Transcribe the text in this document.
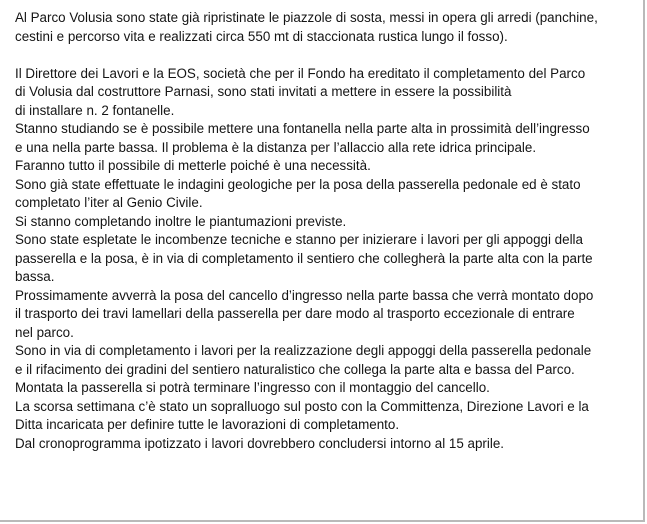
Al Parco Volusia sono state già ripristinate le piazzole di sosta, messi in opera gli arredi (panchine,
cestini e percorso vita e realizzati circa 550 mt di staccionata rustica lungo il fosso).
Il Direttore dei Lavori e la EOS, società che per il Fondo ha ereditato il completamento del Parco
di Volusia dal costruttore Parnasi, sono stati invitati a mettere in essere la possibilità
di installare n. 2 fontanelle.
Stanno studiando se è possibile mettere una fontanella nella parte alta in prossimità dell’ingresso
e una nella parte bassa. Il problema è la distanza per l’allaccio alla rete idrica principale.
Faranno tutto il possibile di metterle poiché è una necessità.
Sono già state effettuate le indagini geologiche per la posa della passerella pedonale ed è stato
completato l’iter al Genio Civile.
Si stanno completando inoltre le piantumazioni previste.
Sono state espletate le incombenze tecniche e stanno per inizierare i lavori per gli appoggi della
passerella e la posa, è in via di completamento il sentiero che collegherà la parte alta con la parte
bassa.
Prossimamente avverrà la posa del cancello d’ingresso nella parte bassa che verrà montato dopo
il trasporto dei travi lamellari della passerella per dare modo al trasporto eccezionale di entrare
nel parco.
Sono in via di completamento i lavori per la realizzazione degli appoggi della passerella pedonale
e il rifacimento dei gradini del sentiero naturalistico che collega la parte alta e bassa del Parco.
Montata la passerella si potrà terminare l’ingresso con il montaggio del cancello.
La scorsa settimana c’è stato un sopralluogo sul posto con la Committenza, Direzione Lavori e la
Ditta incaricata per definire tutte le lavorazioni di completamento.
Dal cronoprogramma ipotizzato i lavori dovrebbero concludersi intorno al 15 aprile.
